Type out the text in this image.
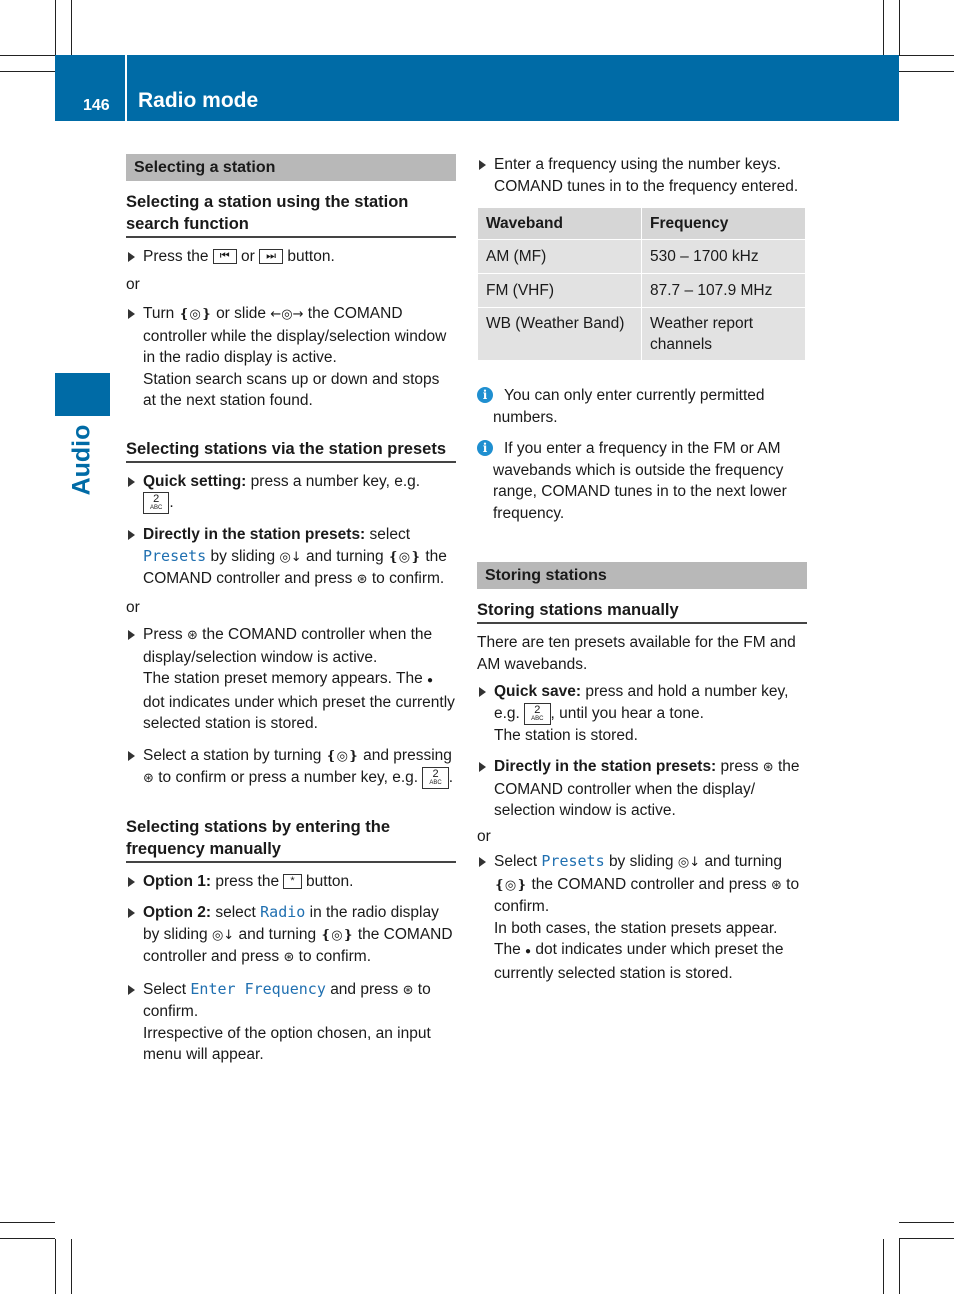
146 Radio mode
Audio
Selecting a station
Selecting a station using the station search function
Press the ⏮ or ⏭ button.
or
Turn ❴◎❵ or slide ←◎→ the COMAND controller while the display/selection window in the radio display is active.
Station search scans up or down and stops at the next station found.
Selecting stations via the station presets
Quick setting: press a number key, e.g.
2
ABC .
Directly in the station presets: select Presets by sliding ◎↓ and turning ❴◎❵ the COMAND controller and press ⊛ to confirm.
or
Press ⊛ the COMAND controller when the display/selection window is active.
The station preset memory appears. The ● dot indicates under which preset the currently selected station is stored.
Select a station by turning ❴◎❵ and pressing ⊛ to confirm or press a number key, e.g. 2
ABC .
Selecting stations by entering the frequency manually
Option 1: press the * button.
Option 2: select Radio in the radio display by sliding ◎↓ and turning ❴◎❵ the COMAND controller and press ⊛ to confirm.
Select Enter Frequency and press ⊛ to confirm.
Irrespective of the option chosen, an input menu will appear.
Enter a frequency using the number keys. COMAND tunes in to the frequency entered.
Waveband	Frequency
AM (MF)	530 – 1700 kHz
FM (VHF)	87.7 – 107.9 MHz
WB (Weather Band)	Weather report channels
i	You can only enter currently permitted numbers.
i	If you enter a frequency in the FM or AM wavebands which is outside the frequency range, COMAND tunes in to the next lower frequency.
Storing stations
Storing stations manually
There are ten presets available for the FM and AM wavebands.
Quick save: press and hold a number key, e.g. 2
ABC , until you hear a tone.
The station is stored.
Directly in the station presets: press ⊛ the COMAND controller when the display/ selection window is active.
or
Select Presets by sliding ◎↓ and turning ❴◎❵ the COMAND controller and press ⊛ to confirm.
In both cases, the station presets appear. The ● dot indicates under which preset the currently selected station is stored.
